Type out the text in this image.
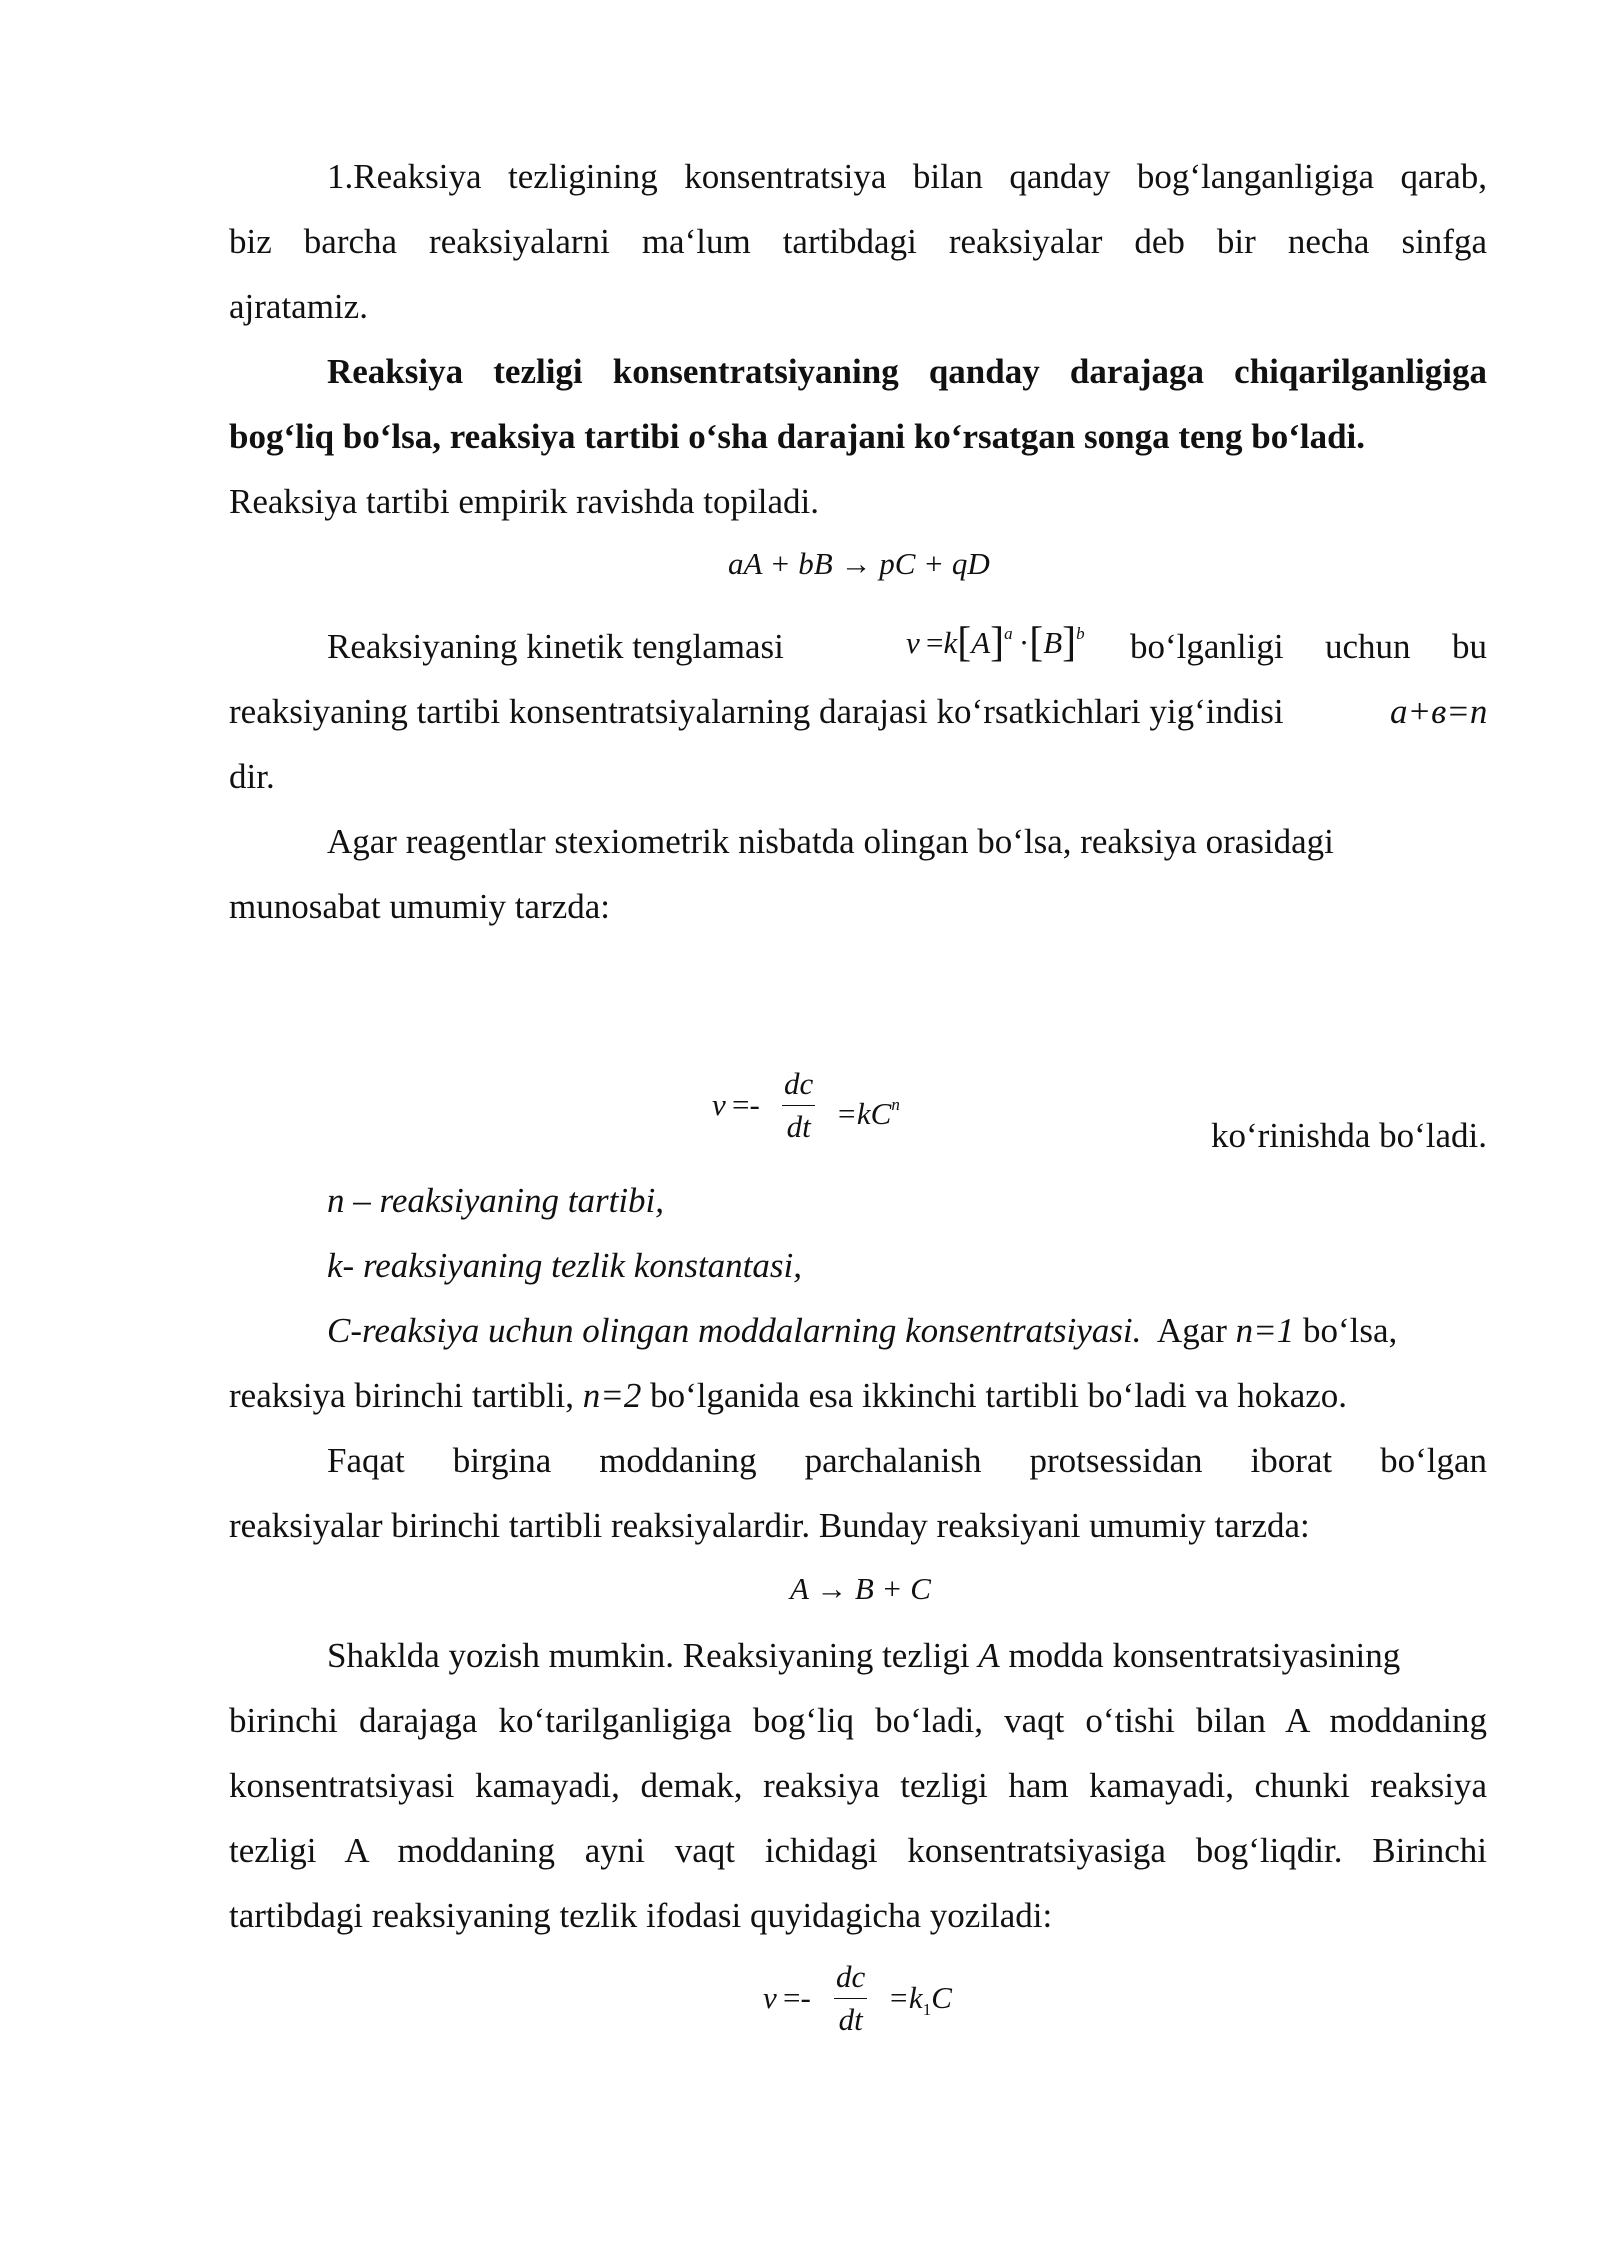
1.Reaksiya tezligining konsentratsiya bilan qanday bog‘langanligiga qarab,
biz barcha reaksiyalarni ma‘lum tartibdagi reaksiyalar deb bir necha sinfga
ajratamiz.
Reaksiya tezligi konsentratsiyaning qanday darajaga chiqarilganligiga
bog‘liq bo‘lsa, reaksiya tartibi o‘sha darajani ko‘rsatgan songa teng bo‘ladi.
Reaksiya tartibi empirik ravishda topiladi.
aA + bB → pC + qD
Reaksiyaning kinetik tenglamasi	$v =k[A]^a \cdot[B]^b$ bo‘lganligi uchun bu
reaksiyaning tartibi konsentratsiyalarning darajasi ko‘rsatkichlari yig‘indisi	a+в=n
dir.
Agar reagentlar stexiometrik nisbatda olingan bo‘lsa, reaksiya orasidagi
munosabat umumiy tarzda:
$\nu =- \frac{dc}{dt} =kC^n$
ko‘rinishda bo‘ladi.
n – reaksiyaning tartibi,
k- reaksiyaning tezlik konstantasi,
C-reaksiya uchun olingan moddalarning konsentratsiyasi. Agar n=1 bo‘lsa,
reaksiya birinchi tartibli, n=2 bo‘lganida esa ikkinchi tartibli bo‘ladi va hokazo.
Faqat birgina moddaning parchalanish protsessidan iborat bo‘lgan
reaksiyalar birinchi tartibli reaksiyalardir. Bunday reaksiyani umumiy tarzda:
A → B + C
Shaklda yozish mumkin. Reaksiyaning tezligi A modda konsentratsiyasining
birinchi darajaga ko‘tarilganligiga bog‘liq bo‘ladi, vaqt o‘tishi bilan A moddaning
konsentratsiyasi kamayadi, demak, reaksiya tezligi ham kamayadi, chunki reaksiya
tezligi A moddaning ayni vaqt ichidagi konsentratsiyasiga bog‘liqdir. Birinchi
tartibdagi reaksiyaning tezlik ifodasi quyidagicha yoziladi:
$\nu =- \frac{dc}{dt} =k_1C$
